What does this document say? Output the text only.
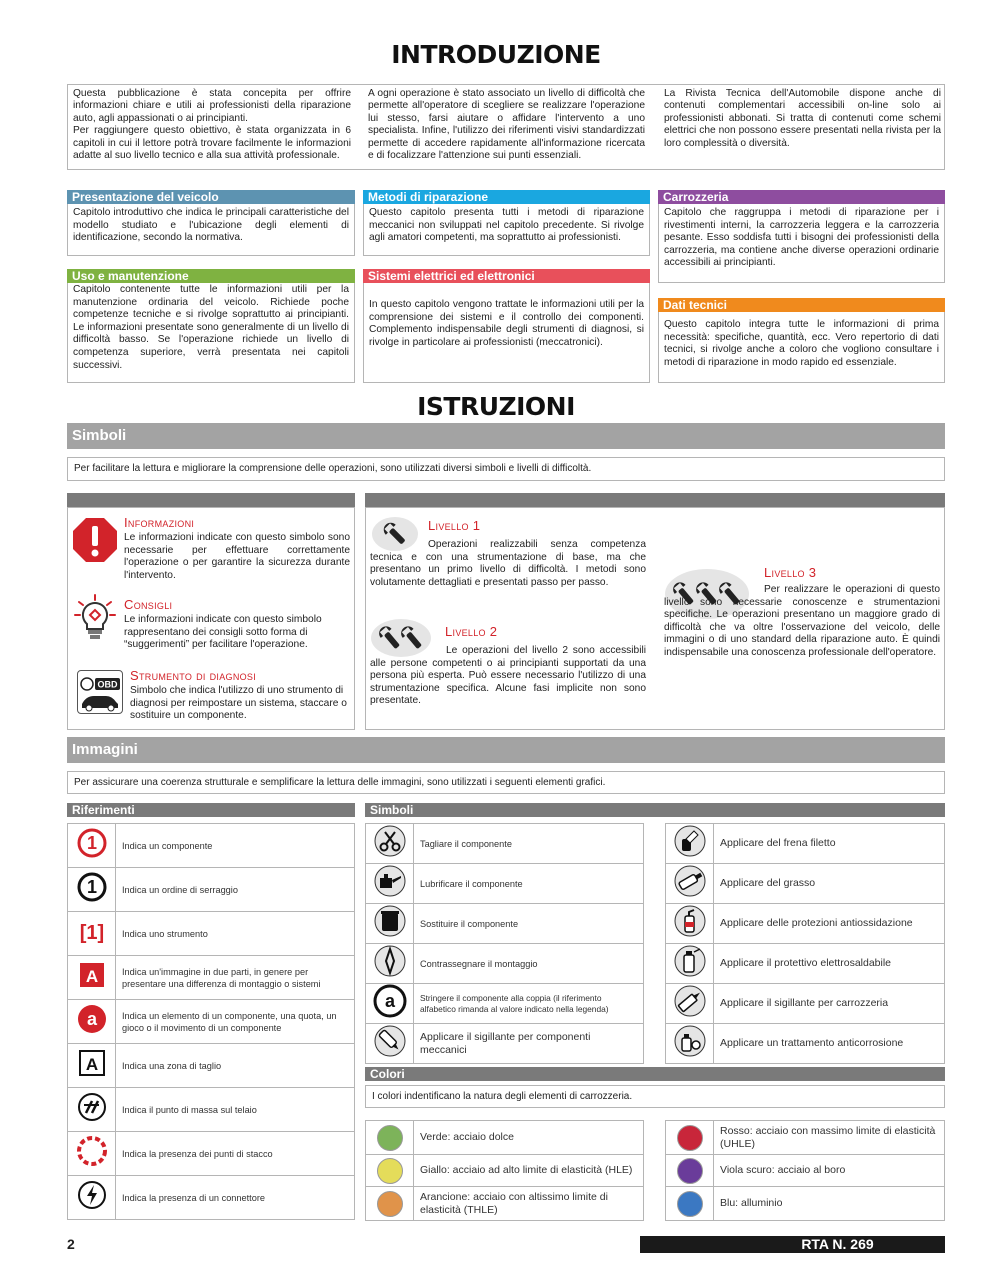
INTRODUZIONE

Questa pubblicazione è stata concepita per offrire informazioni chiare e utili ai professionisti della riparazione auto, agli appassionati o ai principianti.

Per raggiungere questo obiettivo, è stata organizzata in 6 capitoli in cui il lettore potrà trovare facilmente le informazioni adatte al suo livello tecnico e alla sua attività professionale.

A ogni operazione è stato associato un livello di difficoltà che permette all'operatore di scegliere se realizzare l'operazione lui stesso, farsi aiutare o affidare l'intervento a uno specialista. Infine, l'utilizzo dei riferimenti visivi standardizzati permette di accedere rapidamente all'informazione ricercata e di focalizzare l'attenzione sui punti essenziali.
La Rivista Tecnica dell'Automobile dispone anche di contenuti complementari accessibili on-line solo ai professionisti abbonati. Si tratta di contenuti come schemi elettrici che non possono essere presentati nella rivista per la loro complessità o diversità.
Presentazione del veicolo
Capitolo introduttivo che indica le principali caratteristiche del modello studiato e l'ubicazione degli elementi di identificazione, secondo la normativa.
Metodi di riparazione
Questo capitolo presenta tutti i metodi di riparazione meccanici non sviluppati nel capitolo precedente. Si rivolge agli amatori competenti, ma soprattutto ai professionisti.
Carrozzeria
Capitolo che raggruppa i metodi di riparazione per i rivestimenti interni, la carrozzeria leggera e la carrozzeria pesante. Esso soddisfa tutti i bisogni dei professionisti della carrozzeria, ma contiene anche diverse operazioni ordinarie accessibili ai principianti.
Uso e manutenzione
Capitolo contenente tutte le informazioni utili per la manutenzione ordinaria del veicolo. Richiede poche competenze tecniche e si rivolge soprattutto ai principianti. Le informazioni presentate sono generalmente di un livello di difficoltà basso. Se l'operazione richiede un livello di competenza superiore, verrà presentata nei capitoli successivi.
Sistemi elettrici ed elettronici
In questo capitolo vengono trattate le informazioni utili per la comprensione dei sistemi e il controllo dei componenti. Complemento indispensabile degli strumenti di diagnosi, si rivolge in particolare ai professionisti (meccatronici).
Dati tecnici
Questo capitolo integra tutte le informazioni di prima necessità: specifiche, quantità, ecc. Vero repertorio di dati tecnici, si rivolge anche a coloro che vogliono consultare i metodi di riparazione in modo rapido ed essenziale.
ISTRUZIONI
Simboli
Per facilitare la lettura e migliorare la comprensione delle operazioni, sono utilizzati diversi simboli e livelli di difficoltà.
Informazioni
Le informazioni indicate con questo simbolo sono necessarie per effettuare correttamente l'operazione o per garantire la sicurezza durante l'intervento.
Consigli
Le informazioni indicate con questo simbolo rappresentano dei consigli sotto forma di “suggerimenti” per facilitare l'operazione.
OBD
Strumento di diagnosi
Simbolo che indica l'utilizzo di uno strumento di diagnosi per reimpostare un sistema, staccare o sostituire un componente.
Livello 1
Operazioni realizzabili senza competenza tecnica e con una strumentazione di base, ma che presentano un primo livello di difficoltà. I metodi sono volutamente dettagliati e presentati passo per passo.
Livello 2
Le operazioni del livello 2 sono accessibili alle persone competenti o ai principianti supportati da una persona più esperta. Può essere necessario l'utilizzo di una strumentazione specifica. Alcune fasi implicite non sono presentate.
Livello 3
Per realizzare le operazioni di questo livello sono necessarie conoscenze e strumentazioni specifiche. Le operazioni presentano un maggiore grado di difficoltà che va oltre l'osservazione del veicolo, delle immagini o di uno standard della riparazione auto. È quindi indispensabile una conoscenza professionale dell'operatore.
Immagini
Per assicurare una coerenza strutturale e semplificare la lettura delle immagini, sono utilizzati i seguenti elementi grafici.
Riferimenti
1	Indica un componente

1	Indica un ordine di serraggio

[1]	Indica uno strumento

A	Indica un'immagine in due parti, in genere per presentare una differenza di montaggio o sistemi

a	Indica un elemento di un componente, una quota, un gioco o il movimento di un componente

A	Indica una zona di taglio
	Indica il punto di massa sul telaio
	Indica la presenza dei punti di stacco
	Indica la presenza di un connettore
Simboli
	Tagliare il componente
	Lubrificare il componente
	Sostituire il componente
	Contrassegnare il montaggio

a	Stringere il componente alla coppia (il riferimento alfabetico rimanda al valore indicato nella legenda)
	Applicare il sigillante per componenti meccanici
	Applicare del frena filetto
	Applicare del grasso
	Applicare delle protezioni antiossidazione
	Applicare il protettivo elettrosaldabile
	Applicare il sigillante per carrozzeria
	Applicare un trattamento anticorrosione
Colori
I colori indentificano la natura degli elementi di carrozzeria.
	Verde: acciaio dolce
	Giallo: acciaio ad alto limite di elasticità (HLE)
	Arancione: acciaio con altissimo limite di elasticità (THLE)
	Rosso: acciaio con massimo limite di elasticità (UHLE)
	Viola scuro: acciaio al boro
	Blu: alluminio
2	RTA N. 269
